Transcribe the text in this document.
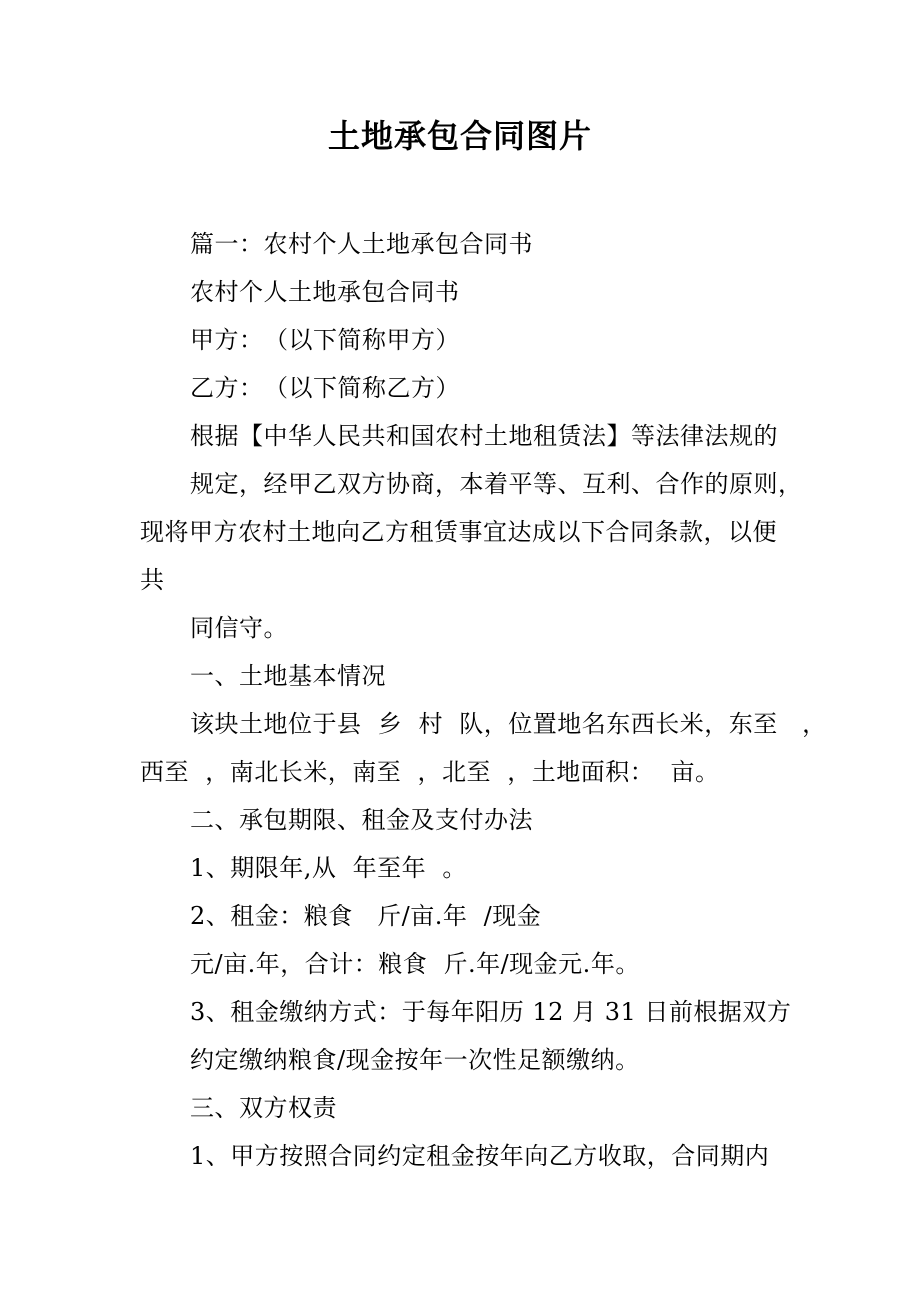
土地承包合同图片
篇一：农村个人土地承包合同书
农村个人土地承包合同书
甲方：　（以下简称甲方）
乙方：　（以下简称乙方）
根据【中华人民共和国农村土地租赁法】等法律法规的
规定，经甲乙双方协商，本着平等、互利、合作的原则，
现将甲方农村土地向乙方租赁事宜达成以下合同条款，以便
共
同信守。
一、土地基本情况
该块土地位于县  乡  村  队，位置地名东西长米，东至   ，
西至  ，南北长米，南至  ，北至  ，土地面积：  亩。
二、承包期限、租金及支付办法
1、期限年,从  年至年  。
2、租金：粮食   斤/亩.年  /现金
元/亩.年，合计：粮食  斤.年/现金元.年。
3、租金缴纳方式：于每年阳历 12 月 31 日前根据双方
约定缴纳粮食/现金按年一次性足额缴纳。
三、双方权责
1、甲方按照合同约定租金按年向乙方收取，合同期内
